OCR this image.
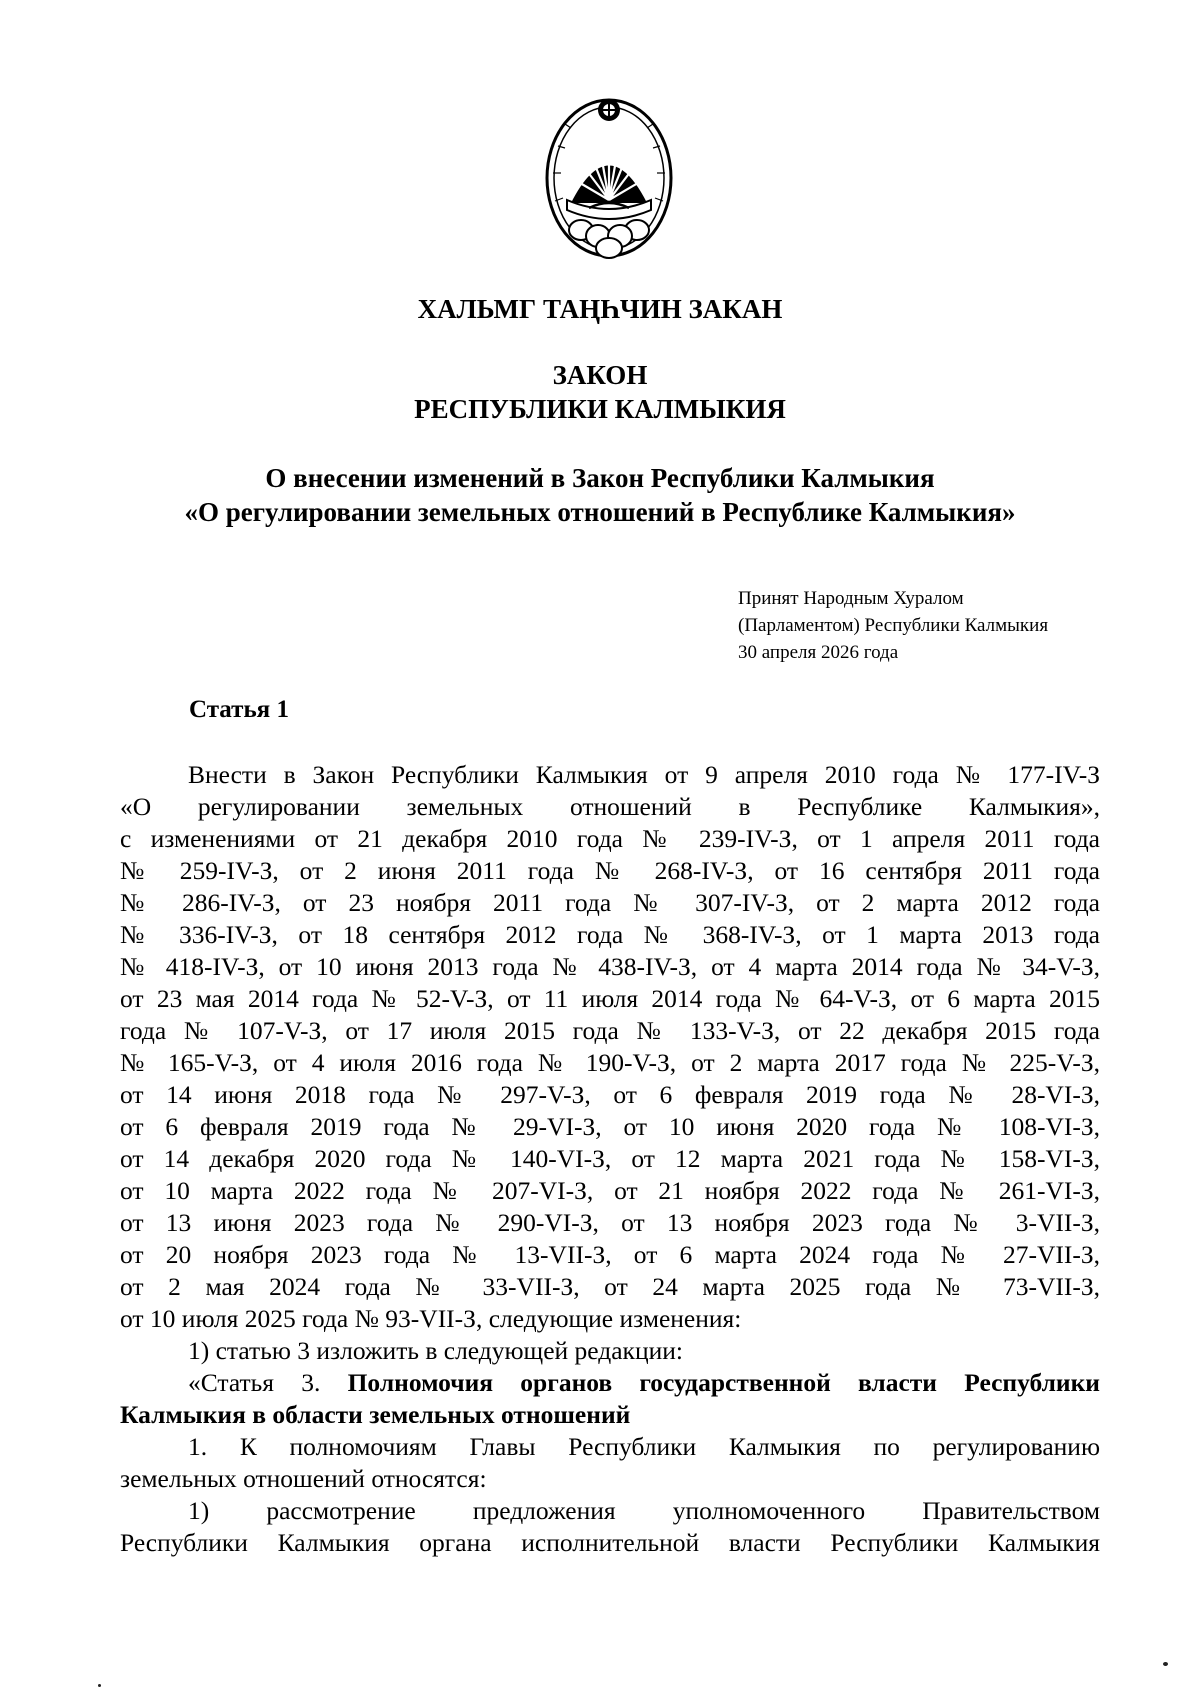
ХАЛЬМГ ТАҢҺЧИН ЗАКАН
ЗАКОН
РЕСПУБЛИКИ КАЛМЫКИЯ
О внесении изменений в Закон Республики Калмыкия
«О регулировании земельных отношений в Республике Калмыкия»
Принят Народным Хуралом
(Парламентом) Республики Калмыкия
30 апреля 2026 года
Статья 1
Внести в Закон Республики Калмыкия от 9 апреля 2010 года № 177-IV-З
«О регулировании земельных отношений в Республике Калмыкия»,
с изменениями от 21 декабря 2010 года № 239-IV-З, от 1 апреля 2011 года
№ 259-IV-З, от 2 июня 2011 года № 268-IV-З, от 16 сентября 2011 года
№ 286-IV-З, от 23 ноября 2011 года № 307-IV-З, от 2 марта 2012 года
№ 336-IV-З, от 18 сентября 2012 года № 368-IV-З, от 1 марта 2013 года
№ 418-IV-З, от 10 июня 2013 года № 438-IV-З, от 4 марта 2014 года № 34-V-З,
от 23 мая 2014 года № 52-V-З, от 11 июля 2014 года № 64-V-З, от 6 марта 2015
года № 107-V-З, от 17 июля 2015 года № 133-V-З, от 22 декабря 2015 года
№ 165-V-З, от 4 июля 2016 года № 190-V-З, от 2 марта 2017 года № 225-V-З,
от 14 июня 2018 года № 297-V-З, от 6 февраля 2019 года № 28-VI-З,
от 6 февраля 2019 года № 29-VI-З, от 10 июня 2020 года № 108-VI-З,
от 14 декабря 2020 года № 140-VI-З, от 12 марта 2021 года № 158-VI-З,
от 10 марта 2022 года № 207-VI-З, от 21 ноября 2022 года № 261-VI-З,
от 13 июня 2023 года № 290-VI-З, от 13 ноября 2023 года № 3-VII-З,
от 20 ноября 2023 года № 13-VII-З, от 6 марта 2024 года № 27-VII-З,
от 2 мая 2024 года № 33-VII-З, от 24 марта 2025 года № 73-VII-З,
от 10 июля 2025 года № 93-VII-З, следующие изменения:
1) статью 3 изложить в следующей редакции:
«Статья 3. Полномочия органов государственной власти Республики
Калмыкия в области земельных отношений
1. К полномочиям Главы Республики Калмыкия по регулированию
земельных отношений относятся:
1) рассмотрение предложения уполномоченного Правительством
Республики Калмыкия органа исполнительной власти Республики Калмыкия
